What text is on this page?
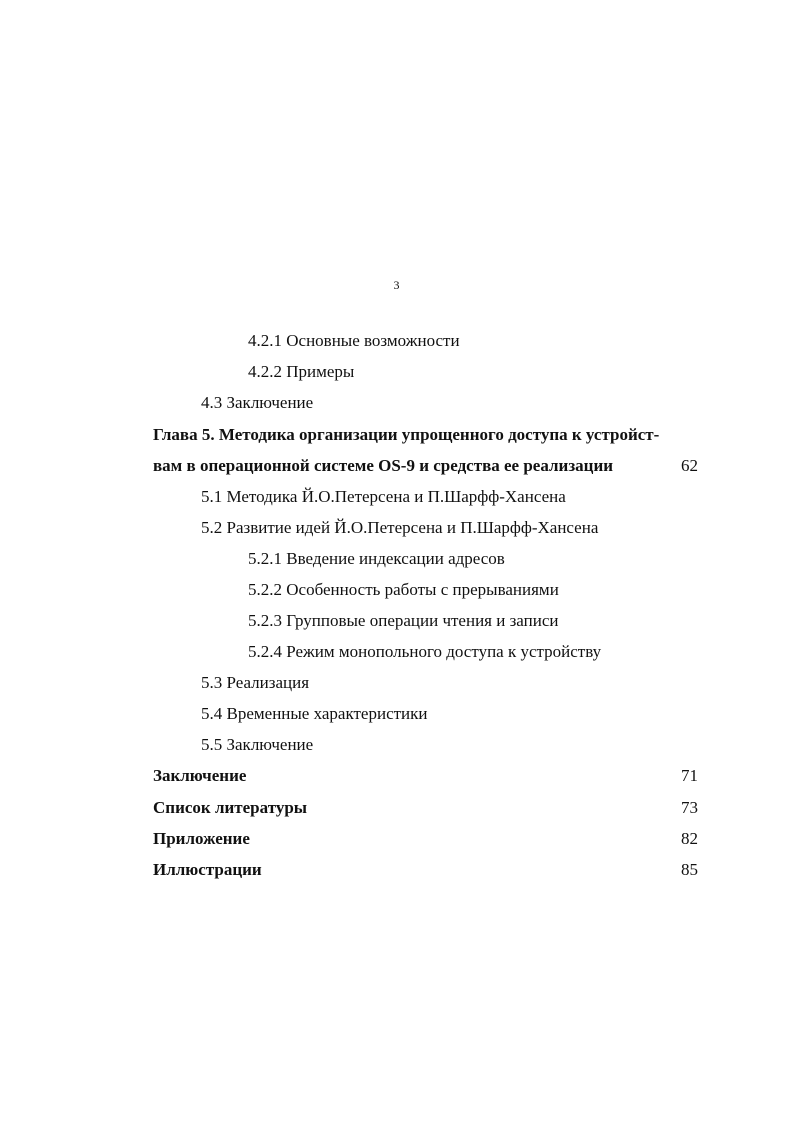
3
4.2.1 Основные возможности
4.2.2 Примеры
4.3 Заключение
Глава 5. Методика организации упрощенного доступа к устройст-
вам в операционной системе OS-9 и средства ее реализации	62
5.1 Методика Й.О.Петерсена и П.Шарфф-Хансена
5.2 Развитие идей Й.О.Петерсена и П.Шарфф-Хансена
5.2.1 Введение индексации адресов
5.2.2 Особенность работы с прерываниями
5.2.3 Групповые операции чтения и записи
5.2.4 Режим монопольного доступа к устройству
5.3 Реализация
5.4 Временные характеристики
5.5 Заключение
Заключение	71
Список литературы	73
Приложение	82
Иллюстрации	85
